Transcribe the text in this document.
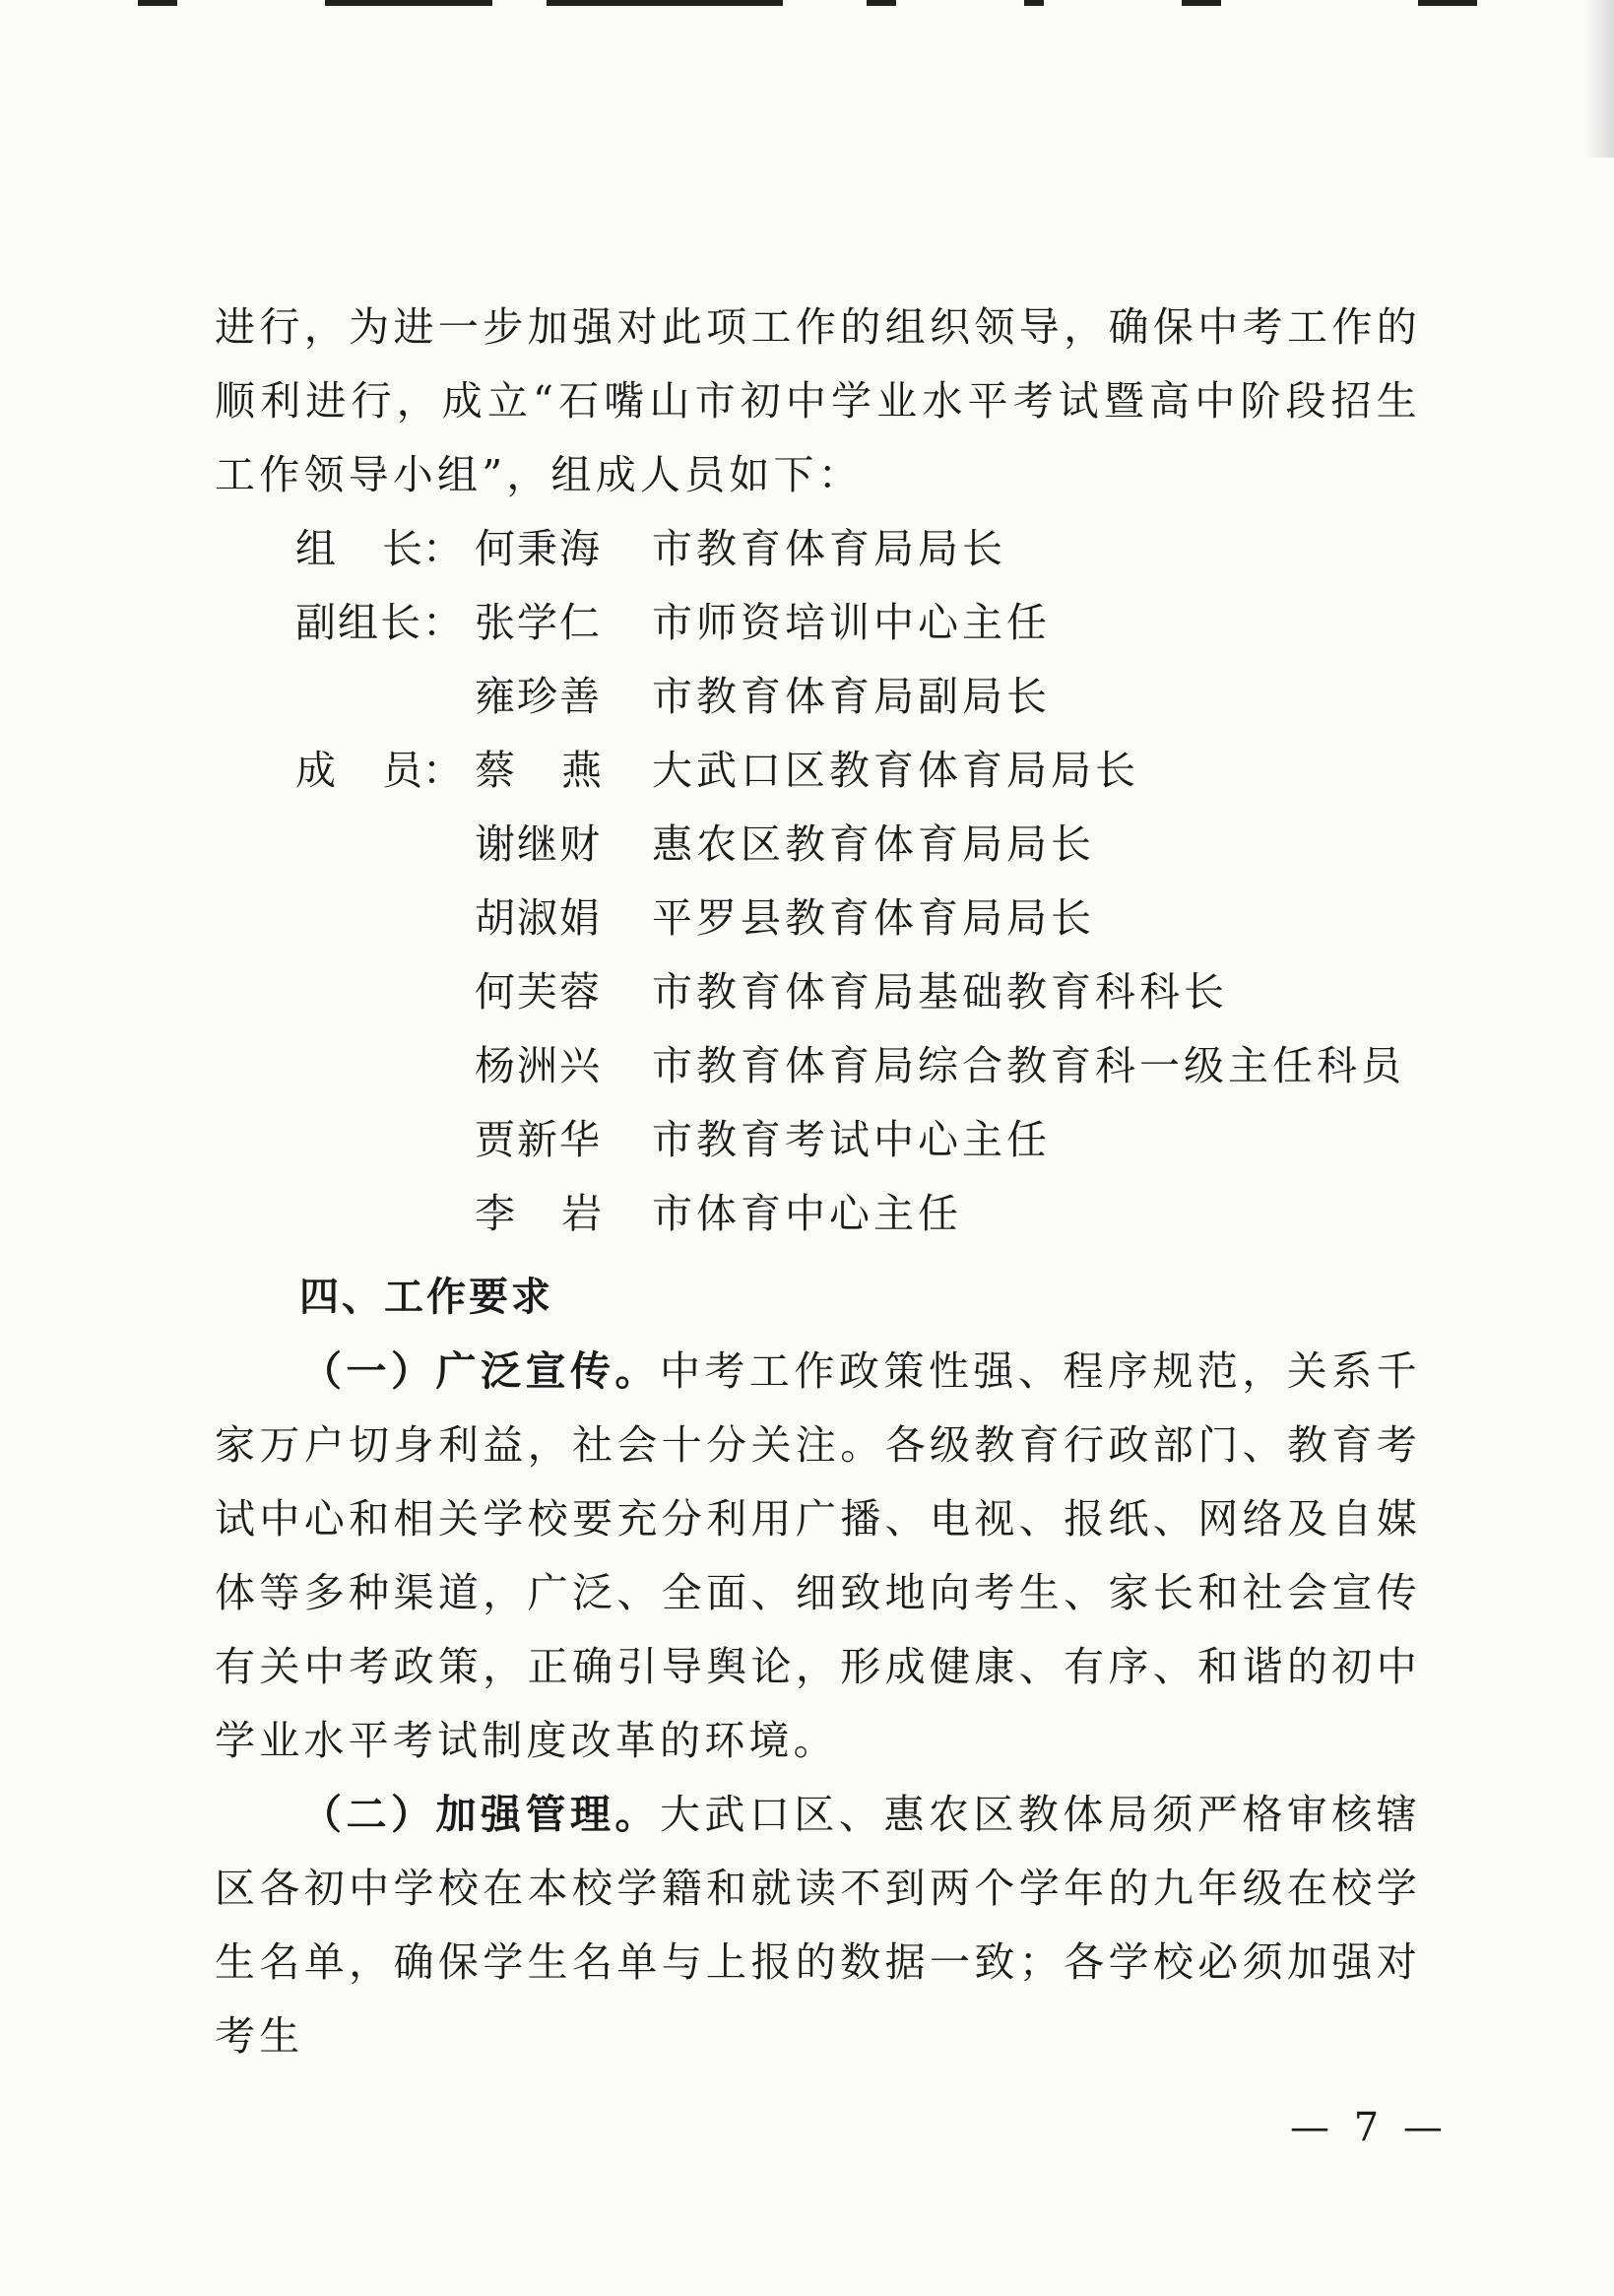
进行，为进一步加强对此项工作的组织领导，确保中考工作的顺利进行，成立“石嘴山市初中学业水平考试暨高中阶段招生工作领导小组”，组成人员如下：

组 长： 何秉海 市教育体育局局长
副组长： 张学仁 市师资培训中心主任
雍珍善 市教育体育局副局长
成 员： 蔡 燕 大武口区教育体育局局长
谢继财 惠农区教育体育局局长
胡淑娟 平罗县教育体育局局长
何芙蓉 市教育体育局基础教育科科长
杨洲兴 市教育体育局综合教育科一级主任科员
贾新华 市教育考试中心主任
李 岩 市体育中心主任
四、工作要求

（一）广泛宣传。中考工作政策性强、程序规范，关系千家万户切身利益，社会十分关注。各级教育行政部门、教育考试中心和相关学校要充分利用广播、电视、报纸、网络及自媒体等多种渠道，广泛、全面、细致地向考生、家长和社会宣传有关中考政策，正确引导舆论，形成健康、有序、和谐的初中学业水平考试制度改革的环境。

（二）加强管理。大武口区、惠农区教体局须严格审核辖区各初中学校在本校学籍和就读不到两个学年的九年级在校学生名单，确保学生名单与上报的数据一致；各学校必须加强对考生

— 7 —
